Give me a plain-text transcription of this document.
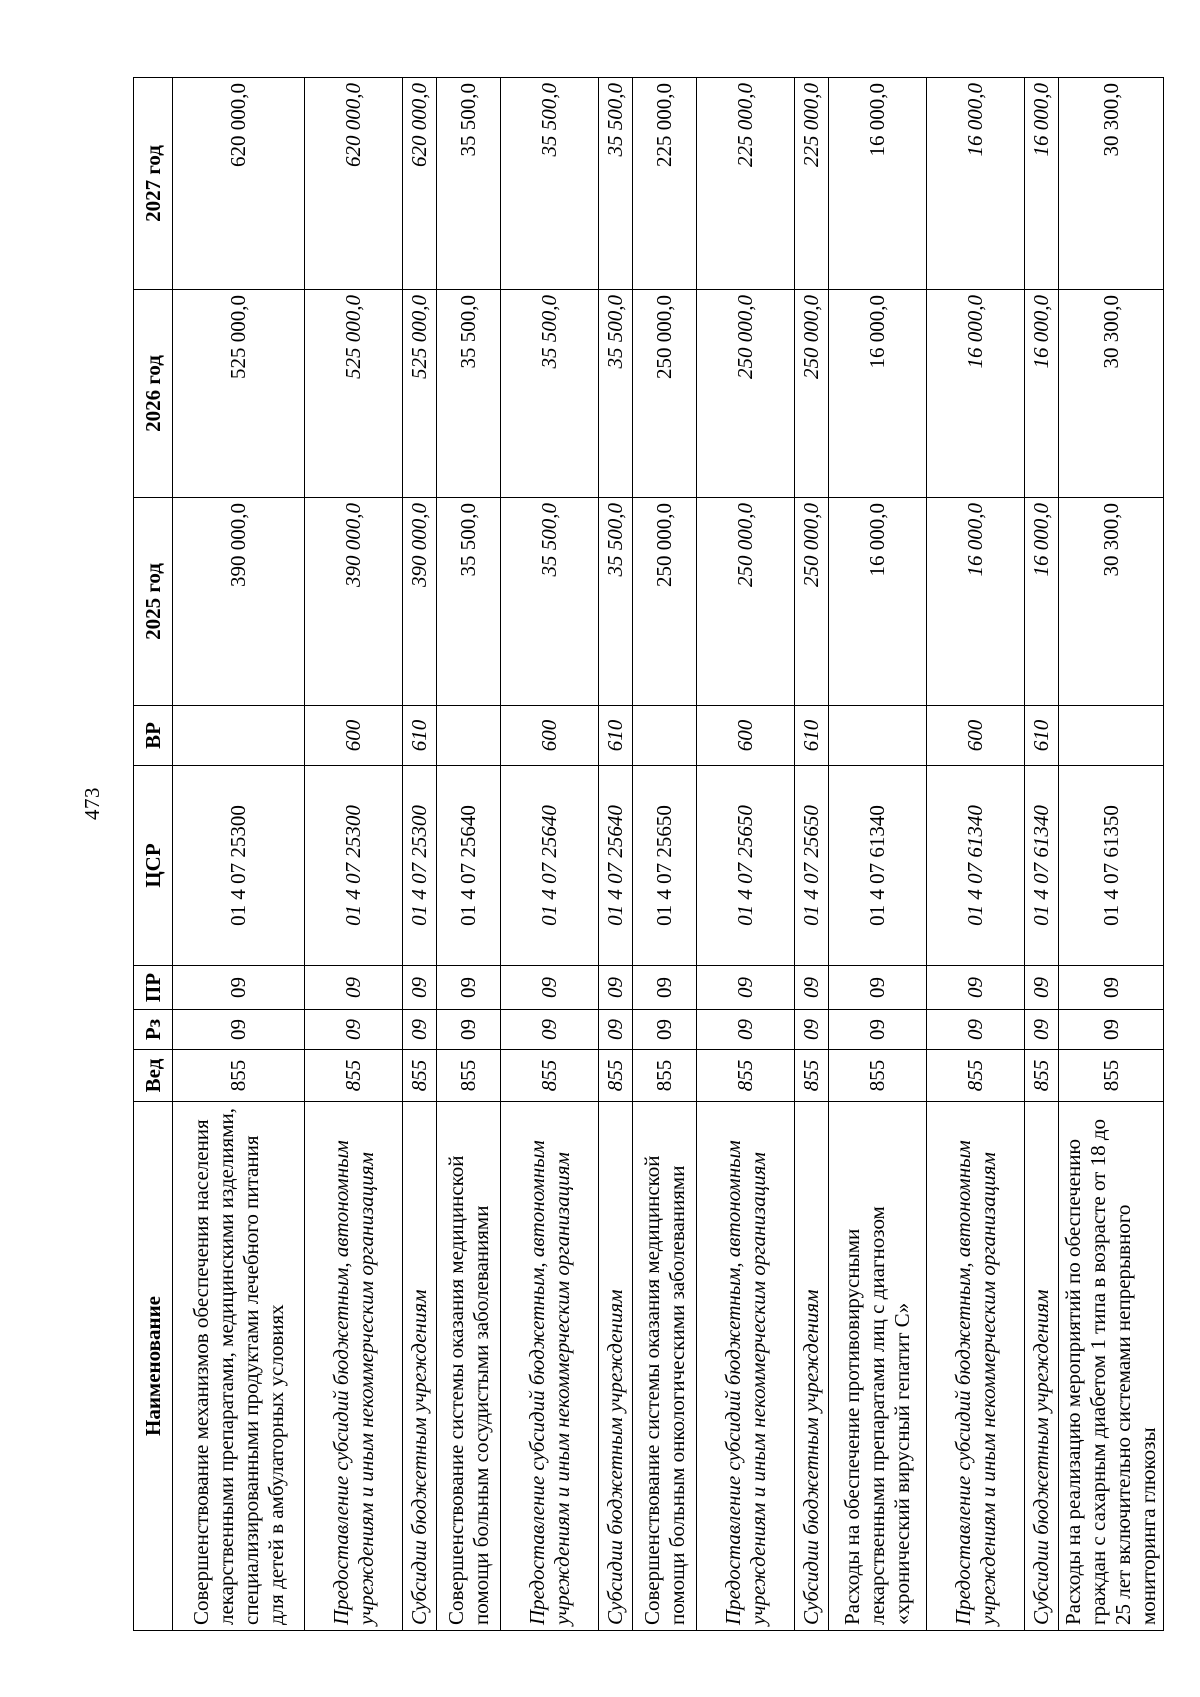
473
Наименование	Вед	Рз	ПР	ЦСР	ВР	2025 год	2026 год	2027 год
Совершенствование механизмов обеспечения населения лекарственными препаратами, медицинскими изделиями, специализированными продуктами лечебного питания для детей в амбулаторных условиях	855	09	09	01 4 07 25300		390 000,0	525 000,0	620 000,0
Предоставление субсидий бюджетным, автономным учреждениям и иным некоммерческим организациям	855	09	09	01 4 07 25300	600	390 000,0	525 000,0	620 000,0
Субсидии бюджетным учреждениям	855	09	09	01 4 07 25300	610	390 000,0	525 000,0	620 000,0
Совершенствование системы оказания медицинской помощи больным сосудистыми заболеваниями	855	09	09	01 4 07 25640		35 500,0	35 500,0	35 500,0
Предоставление субсидий бюджетным, автономным учреждениям и иным некоммерческим организациям	855	09	09	01 4 07 25640	600	35 500,0	35 500,0	35 500,0
Субсидии бюджетным учреждениям	855	09	09	01 4 07 25640	610	35 500,0	35 500,0	35 500,0
Совершенствование системы оказания медицинской помощи больным онкологическими заболеваниями	855	09	09	01 4 07 25650		250 000,0	250 000,0	225 000,0
Предоставление субсидий бюджетным, автономным учреждениям и иным некоммерческим организациям	855	09	09	01 4 07 25650	600	250 000,0	250 000,0	225 000,0
Субсидии бюджетным учреждениям	855	09	09	01 4 07 25650	610	250 000,0	250 000,0	225 000,0
Расходы на обеспечение противовирусными лекарственными препаратами лиц с диагнозом «хронический вирусный гепатит С»	855	09	09	01 4 07 61340		16 000,0	16 000,0	16 000,0
Предоставление субсидий бюджетным, автономным учреждениям и иным некоммерческим организациям	855	09	09	01 4 07 61340	600	16 000,0	16 000,0	16 000,0
Субсидии бюджетным учреждениям	855	09	09	01 4 07 61340	610	16 000,0	16 000,0	16 000,0
Расходы на реализацию мероприятий по обеспечению граждан с сахарным диабетом 1 типа в возрасте от 18 до 25 лет включительно системами непрерывного мониторинга глюкозы	855	09	09	01 4 07 61350		30 300,0	30 300,0	30 300,0
